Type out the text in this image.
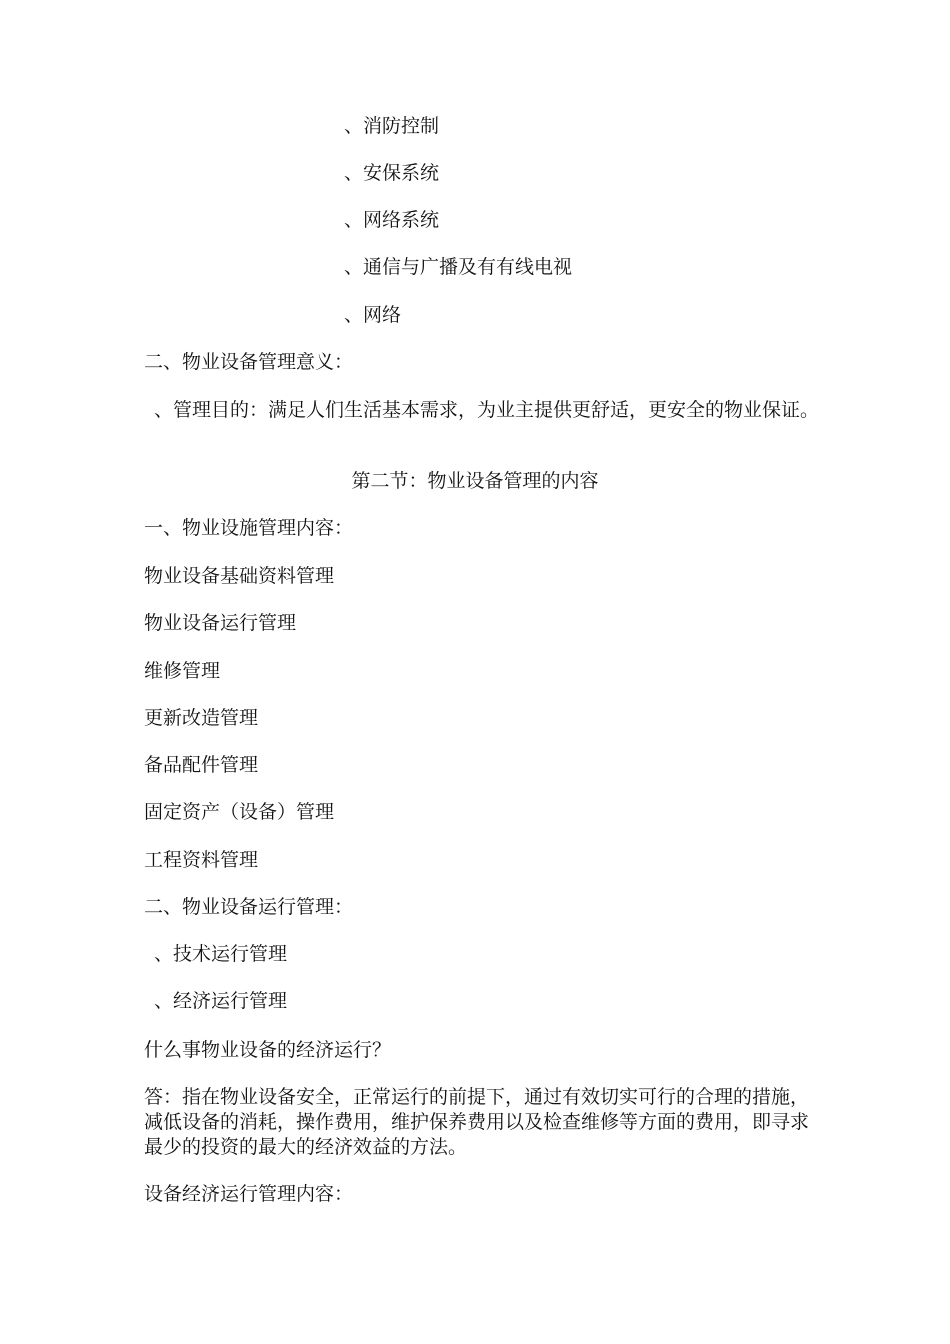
、消防控制

、安保系统

、网络系统

、通信与广播及有有线电视

、网络

二、物业设备管理意义：

、管理目的：满足人们生活基本需求，为业主提供更舒适，更安全的物业保证。

第二节：物业设备管理的内容

一、物业设施管理内容：

物业设备基础资料管理

物业设备运行管理

维修管理

更新改造管理

备品配件管理

固定资产（设备）管理

工程资料管理

二、物业设备运行管理：

、技术运行管理

、经济运行管理

什么事物业设备的经济运行？

答：指在物业设备安全，正常运行的前提下，通过有效切实可行的合理的措施，减低设备的消耗，操作费用，维护保养费用以及检查维修等方面的费用，即寻求最少的投资的最大的经济效益的方法。

设备经济运行管理内容：
